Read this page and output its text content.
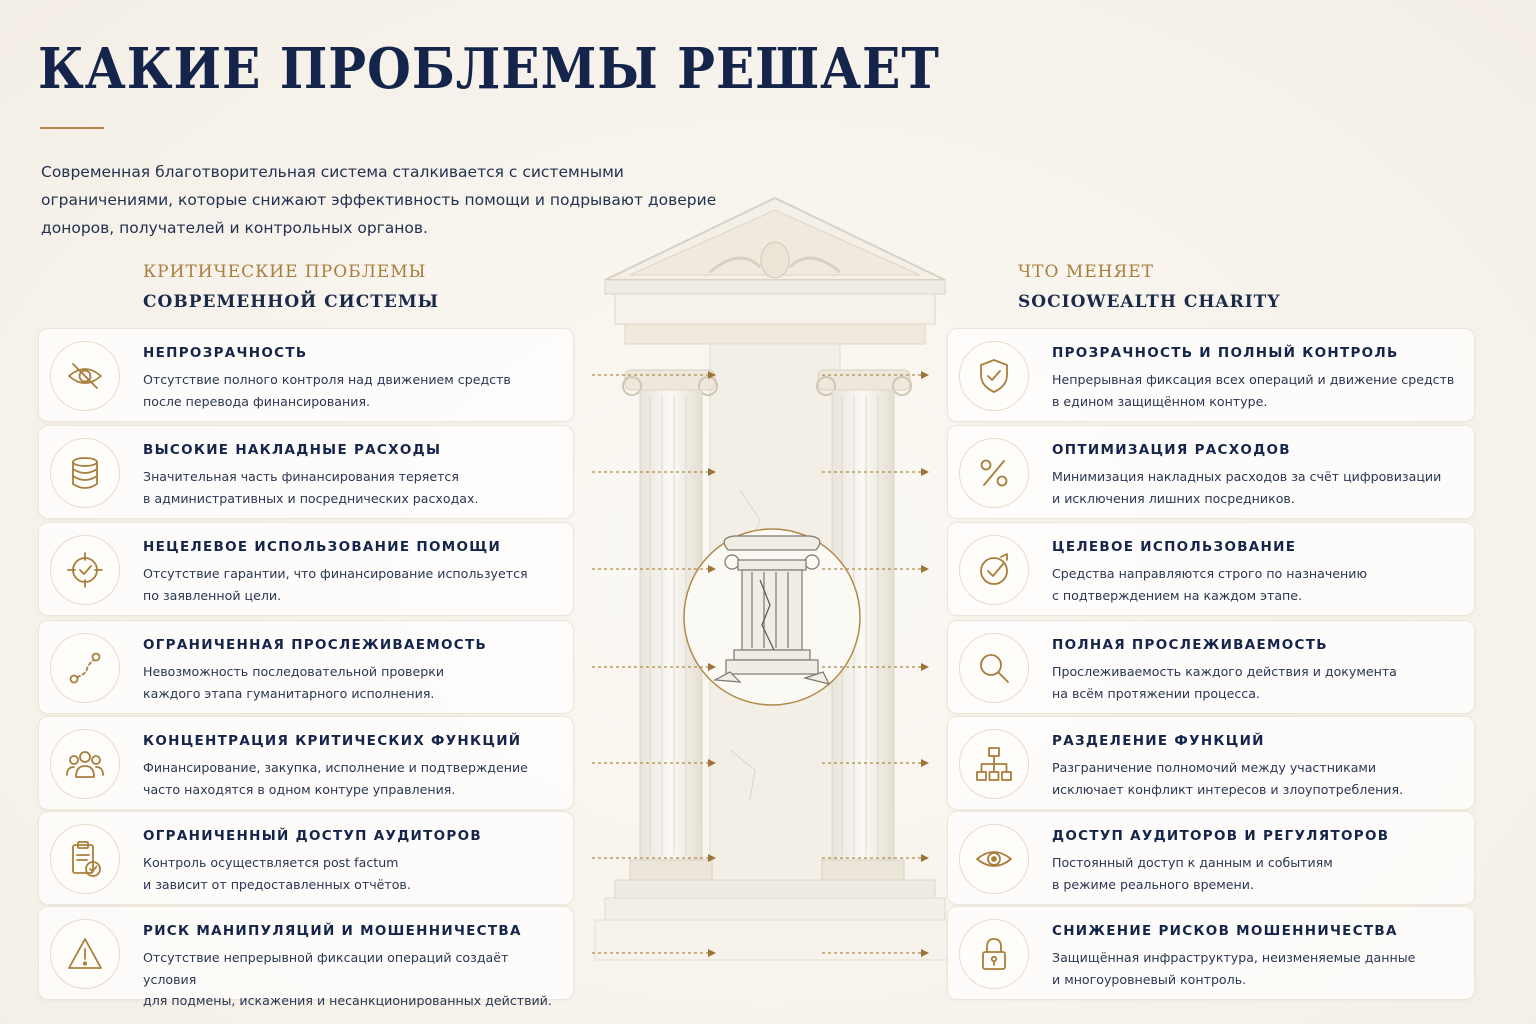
КАКИЕ ПРОБЛЕМЫ РЕШАЕТ

Современная благотворительная система сталкивается с системными ограничениями, которые снижают эффективность помощи и подрывают доверие доноров, получателей и контрольных органов.

КРИТИЧЕСКИЕ ПРОБЛЕМЫ
СОВРЕМЕННОЙ СИСТЕМЫ
ЧТО МЕНЯЕТ
SOCIOWEALTH CHARITY
НЕПРОЗРАЧНОСТЬ
Отсутствие полного контроля над движением средств
после перевода финансирования.
ПРОЗРАЧНОСТЬ И ПОЛНЫЙ КОНТРОЛЬ
Непрерывная фиксация всех операций и движение средств
в едином защищённом контуре.
ВЫСОКИЕ НАКЛАДНЫЕ РАСХОДЫ
Значительная часть финансирования теряется
в административных и посреднических расходах.
ОПТИМИЗАЦИЯ РАСХОДОВ
Минимизация накладных расходов за счёт цифровизации
и исключения лишних посредников.
НЕЦЕЛЕВОЕ ИСПОЛЬЗОВАНИЕ ПОМОЩИ
Отсутствие гарантии, что финансирование используется
по заявленной цели.
ЦЕЛЕВОЕ ИСПОЛЬЗОВАНИЕ
Средства направляются строго по назначению
с подтверждением на каждом этапе.
ОГРАНИЧЕННАЯ ПРОСЛЕЖИВАЕМОСТЬ
Невозможность последовательной проверки
каждого этапа гуманитарного исполнения.
ПОЛНАЯ ПРОСЛЕЖИВАЕМОСТЬ
Прослеживаемость каждого действия и документа
на всём протяжении процесса.
КОНЦЕНТРАЦИЯ КРИТИЧЕСКИХ ФУНКЦИЙ
Финансирование, закупка, исполнение и подтверждение
часто находятся в одном контуре управления.
РАЗДЕЛЕНИЕ ФУНКЦИЙ
Разграничение полномочий между участниками
исключает конфликт интересов и злоупотребления.
ОГРАНИЧЕННЫЙ ДОСТУП АУДИТОРОВ
Контроль осуществляется post factum
и зависит от предоставленных отчётов.
ДОСТУП АУДИТОРОВ И РЕГУЛЯТОРОВ
Постоянный доступ к данным и событиям
в режиме реального времени.
РИСК МАНИПУЛЯЦИЙ И МОШЕННИЧЕСТВА
Отсутствие непрерывной фиксации операций создаёт условия
для подмены, искажения и несанкционированных действий.
СНИЖЕНИЕ РИСКОВ МОШЕННИЧЕСТВА
Защищённая инфраструктура, неизменяемые данные
и многоуровневый контроль.
